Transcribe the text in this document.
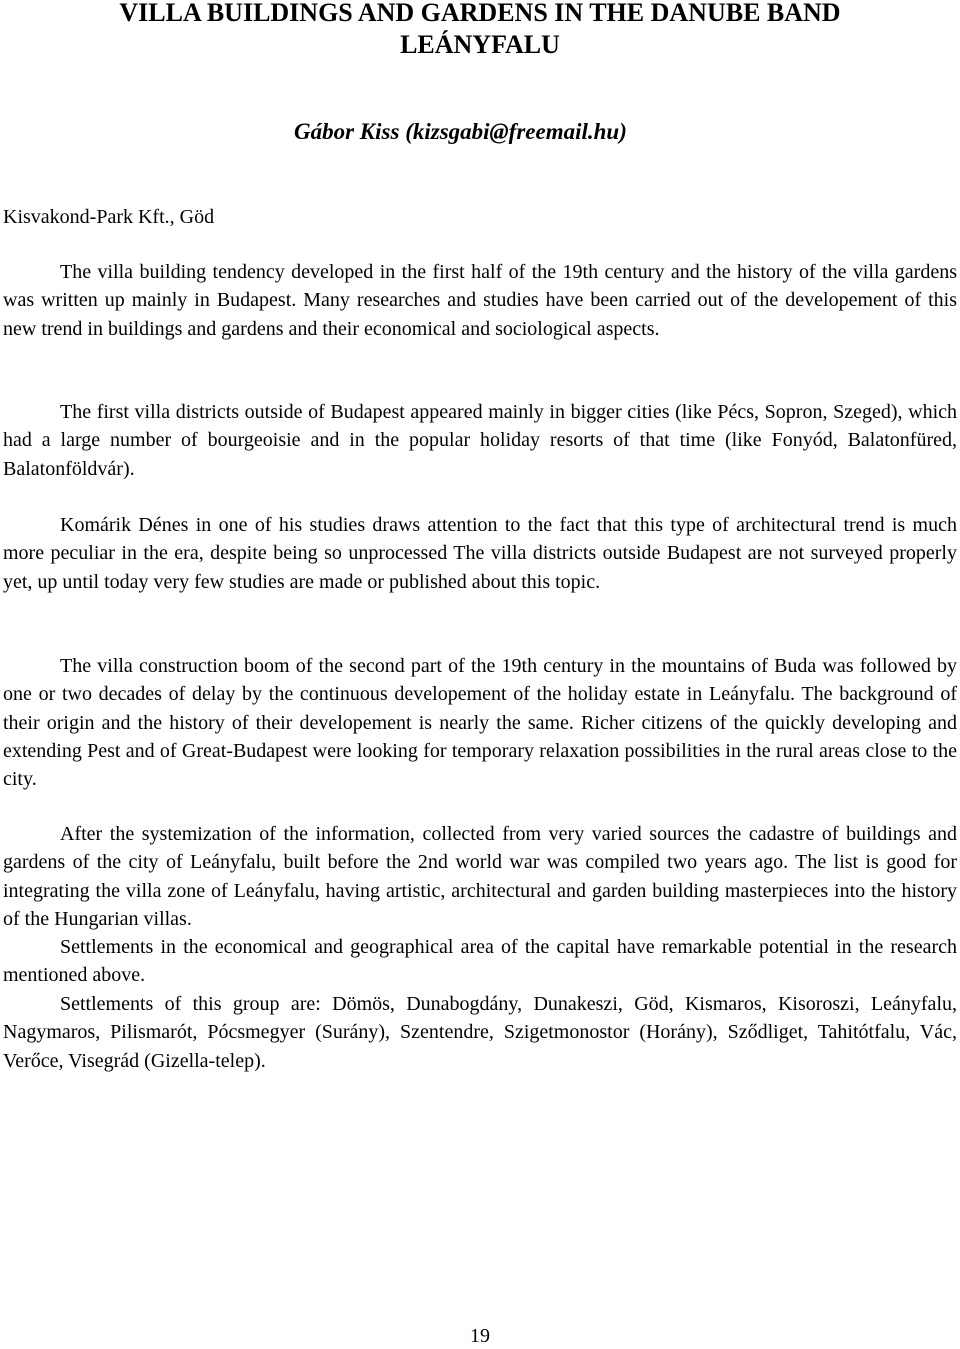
VILLA BUILDINGS AND GARDENS IN THE DANUBE BAND
LEÁNYFALU

Gábor Kiss (kizsgabi@freemail.hu)

Kisvakond-Park Kft., Göd

The villa building tendency developed in the first half of the 19th century and the history of the villa gardens was written up mainly in Budapest. Many researches and studies have been carried out of the developement of this new trend in buildings and gardens and their economical and sociological aspects.

The first villa districts outside of Budapest appeared mainly in bigger cities (like Pécs, Sopron, Szeged), which had a large number of bourgeoisie and in the popular holiday resorts of that time (like Fonyód, Balatonfüred, Balatonföldvár).

Komárik Dénes in one of his studies draws attention to the fact that this type of architectural trend is much more peculiar in the era, despite being so unprocessed The villa districts outside Budapest are not surveyed properly yet, up until today very few studies are made or published about this topic.

The villa construction boom of the second part of the 19th century in the mountains of Buda was followed by one or two decades of delay by the continuous developement of the holiday estate in Leányfalu. The background of their origin and the history of their developement is nearly the same. Richer citizens of the quickly developing and extending Pest and of Great-Budapest were looking for temporary relaxation possibilities in the rural areas close to the city.

After the systemization of the information, collected from very varied sources the cadastre of buildings and gardens of the city of Leányfalu, built before the 2nd world war was compiled two years ago. The list is good for integrating the villa zone of Leányfalu, having artistic, architectural and garden building masterpieces into the history of the Hungarian villas.

Settlements in the economical and geographical area of the capital have remarkable potential in the research mentioned above.

Settlements of this group are: Dömös, Dunabogdány, Dunakeszi, Göd, Kismaros, Kisoroszi, Leányfalu, Nagymaros, Pilismarót, Pócsmegyer (Surány), Szentendre, Szigetmonostor (Horány), Sződliget, Tahitótfalu, Vác, Verőce, Visegrád (Gizella-telep).

19
